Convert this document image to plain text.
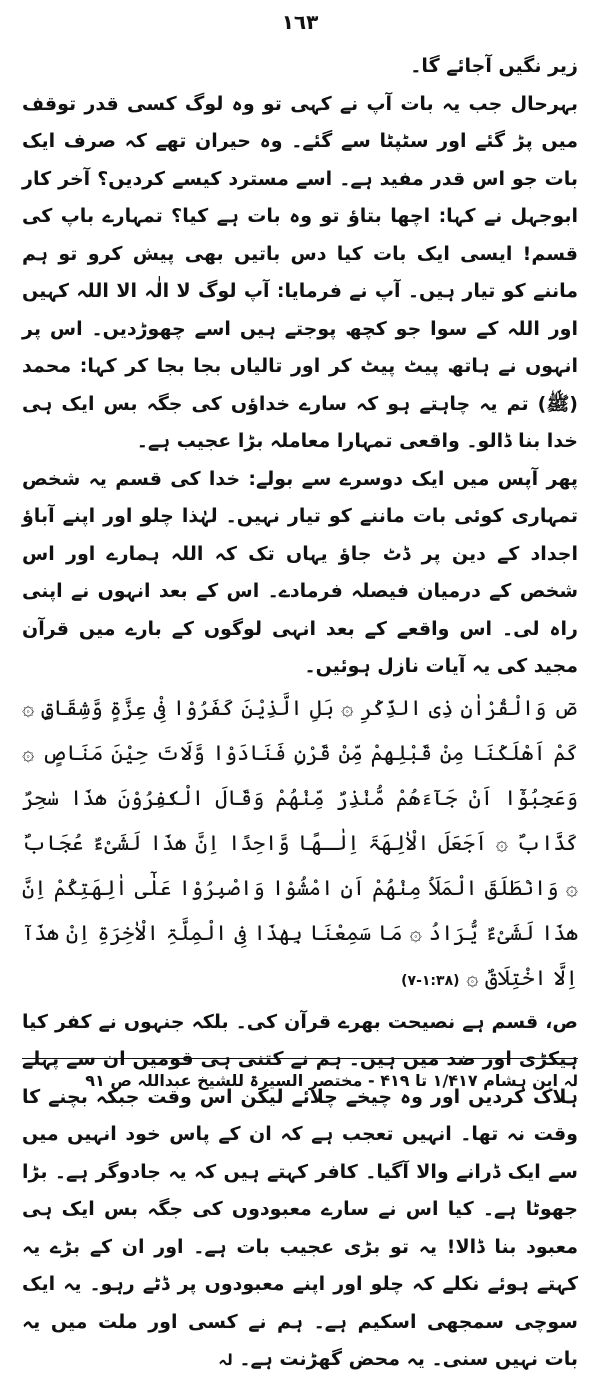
١٦٣

زیر نگیں آجائے گا۔

بہرحال جب یہ بات آپ نے کہی تو وہ لوگ کسی قدر توقف میں پڑ گئے اور سٹپٹا سے گئے۔ وہ حیران تھے کہ صرف ایک بات جو اس قدر مفید ہے۔ اسے مسترد کیسے کردیں؟ آخر کار ابوجہل نے کہا: اچھا بتاؤ تو وہ بات ہے کیا؟ تمہارے باپ کی قسم! ایسی ایک بات کیا دس باتیں بھی پیش کرو تو ہم ماننے کو تیار ہیں۔ آپ نے فرمایا: آپ لوگ لا الٰہ الا اللہ کہیں اور اللہ کے سوا جو کچھ پوجتے ہیں اسے چھوڑدیں۔ اس پر انہوں نے ہاتھ پیٹ پیٹ کر اور تالیاں بجا بجا کر کہا: محمد (ﷺ) تم یہ چاہتے ہو کہ سارے خداؤں کی جگہ بس ایک ہی خدا بنا ڈالو۔ واقعی تمہارا معاملہ بڑا عجیب ہے۔

پھر آپس میں ایک دوسرے سے بولے: خدا کی قسم یہ شخص تمہاری کوئی بات ماننے کو تیار نہیں۔ لہٰذا چلو اور اپنے آباؤ اجداد کے دین پر ڈٹ جاؤ یہاں تک کہ اللہ ہمارے اور اس شخص کے درمیان فیصلہ فرمادے۔ اس کے بعد انہوں نے اپنی راہ لی۔ اس واقعے کے بعد انہی لوگوں کے بارے میں قرآن مجید کی یہ آیات نازل ہوئیں۔

صٓ وَالْقُرْاٰنِ ذِی الذِّکْرِ ۞ بَلِ الَّذِیْنَ کَفَرُوْا فِیْ عِزَّۃٍ وَّشِقَاقٍ ۞ کَمْ اَھْلَکْنَا مِنْ قَبْلِھِمْ مِّنْ قَرْنٍ فَنَادَوْا وَّلَاتَ حِیْنَ مَنَاصٍ ۞ وَعَجِبُوْٓا اَنْ جَآءَھُمْ مُّنْذِرٌ مِّنْھُمْ وَقَالَ الْکٰفِرُوْنَ ھٰذَا سٰحِرٌ کَذَّابٌ ۞ اَجَعَلَ الْاٰلِھَۃَ اِلٰـھًا وَّاحِدًا اِنَّ ھٰذَا لَشَیْءٌ عُجَابٌ ۞ وَانْطَلَقَ الْمَلَاُ مِنْھُمْ اَنِ امْشُوْا وَاصْبِرُوْا عَلٰٓی اٰلِھَتِکُمْ اِنَّ ھٰذَا لَشَیْءٌ یُّرَادُ ۞ مَا سَمِعْنَا بِھٰذَا فِی الْمِلَّۃِ الْاٰخِرَۃِ اِنْ ھٰذَآ اِلَّا اخْتِلَاقٌ ۞ (۱:۳۸-۷)

ص، قسم ہے نصیحت بھرے قرآن کی۔ بلکہ جنہوں نے کفر کیا ہیکڑی اور ضد میں ہیں۔ ہم نے کتنی ہی قومیں ان سے پہلے ہلاک کردیں اور وہ چیخے چلائے لیکن اس وقت جبکہ بچنے کا وقت نہ تھا۔ انہیں تعجب ہے کہ ان کے پاس خود انہیں میں سے ایک ڈرانے والا آگیا۔ کافر کہتے ہیں کہ یہ جادوگر ہے۔ بڑا جھوٹا ہے۔ کیا اس نے سارے معبودوں کی جگہ بس ایک ہی معبود بنا ڈالا! یہ تو بڑی عجیب بات ہے۔ اور ان کے بڑے یہ کہتے ہوئے نکلے کہ چلو اور اپنے معبودوں پر ڈٹے رہو۔ یہ ایک سوچی سمجھی اسکیم ہے۔ ہم نے کسی اور ملت میں یہ بات نہیں سنی۔ یہ محض گھڑنت ہے۔ لہ

لہ ابن ہشام ۱/۴۱۷ تا ۴۱۹ - مختصر السیرۃ للشیخ عبداللہ ص ۹۱
